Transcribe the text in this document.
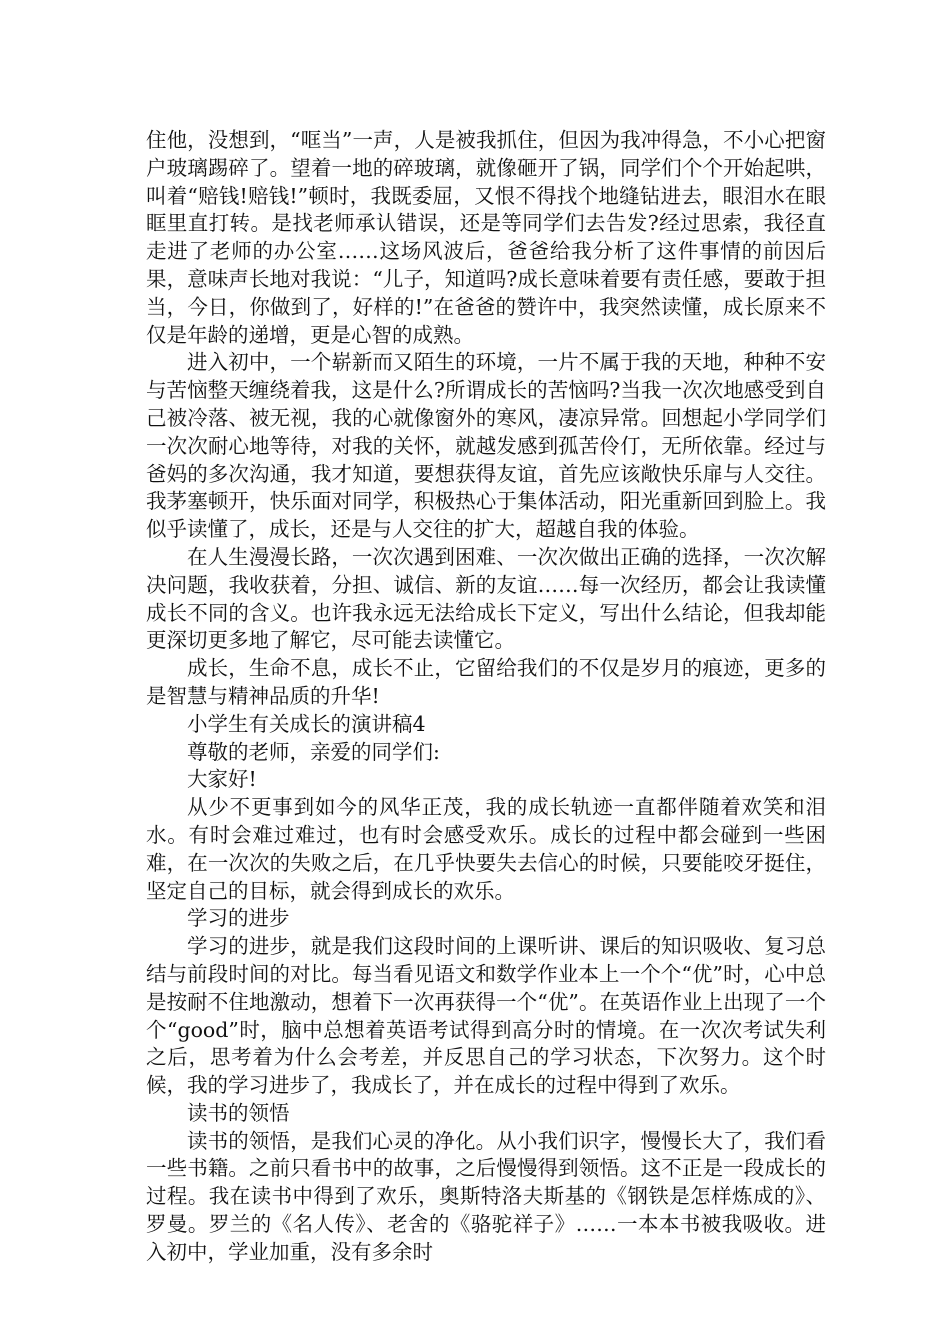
住他，没想到，“哐当”一声，人是被我抓住，但因为我冲得急，不小心把窗户玻璃踢碎了。望着一地的碎玻璃，就像砸开了锅，同学们个个开始起哄，叫着“赔钱!赔钱!”顿时，我既委屈，又恨不得找个地缝钻进去，眼泪水在眼眶里直打转。是找老师承认错误，还是等同学们去告发?经过思索，我径直走进了老师的办公室……这场风波后，爸爸给我分析了这件事情的前因后果，意味声长地对我说：“儿子，知道吗?成长意味着要有责任感，要敢于担当，今日，你做到了，好样的!”在爸爸的赞许中，我突然读懂，成长原来不仅是年龄的递增，更是心智的成熟。

进入初中，一个崭新而又陌生的环境，一片不属于我的天地，种种不安与苦恼整天缠绕着我，这是什么?所谓成长的苦恼吗?当我一次次地感受到自己被冷落、被无视，我的心就像窗外的寒风，凄凉异常。回想起小学同学们一次次耐心地等待，对我的关怀，就越发感到孤苦伶仃，无所依靠。经过与爸妈的多次沟通，我才知道，要想获得友谊，首先应该敞快乐扉与人交往。我茅塞顿开，快乐面对同学，积极热心于集体活动，阳光重新回到脸上。我似乎读懂了，成长，还是与人交往的扩大，超越自我的体验。

在人生漫漫长路，一次次遇到困难、一次次做出正确的选择，一次次解决问题，我收获着，分担、诚信、新的友谊……每一次经历，都会让我读懂成长不同的含义。也许我永远无法给成长下定义，写出什么结论，但我却能更深切更多地了解它，尽可能去读懂它。

成长，生命不息，成长不止，它留给我们的不仅是岁月的痕迹，更多的是智慧与精神品质的升华!

小学生有关成长的演讲稿4

尊敬的老师，亲爱的同学们:

大家好!

从少不更事到如今的风华正茂，我的成长轨迹一直都伴随着欢笑和泪水。有时会难过难过，也有时会感受欢乐。成长的过程中都会碰到一些困难，在一次次的失败之后，在几乎快要失去信心的时候，只要能咬牙挺住，坚定自己的目标，就会得到成长的欢乐。

学习的进步

学习的进步，就是我们这段时间的上课听讲、课后的知识吸收、复习总结与前段时间的对比。每当看见语文和数学作业本上一个个“优”时，心中总是按耐不住地激动，想着下一次再获得一个“优”。在英语作业上出现了一个个“good”时，脑中总想着英语考试得到高分时的情境。在一次次考试失利之后，思考着为什么会考差，并反思自己的学习状态，下次努力。这个时候，我的学习进步了，我成长了，并在成长的过程中得到了欢乐。

读书的领悟

读书的领悟，是我们心灵的净化。从小我们识字，慢慢长大了，我们看一些书籍。之前只看书中的故事，之后慢慢得到领悟。这不正是一段成长的过程。我在读书中得到了欢乐，奥斯特洛夫斯基的《钢铁是怎样炼成的》、罗曼。罗兰的《名人传》、老舍的《骆驼祥子》……一本本书被我吸收。进入初中，学业加重，没有多余时
